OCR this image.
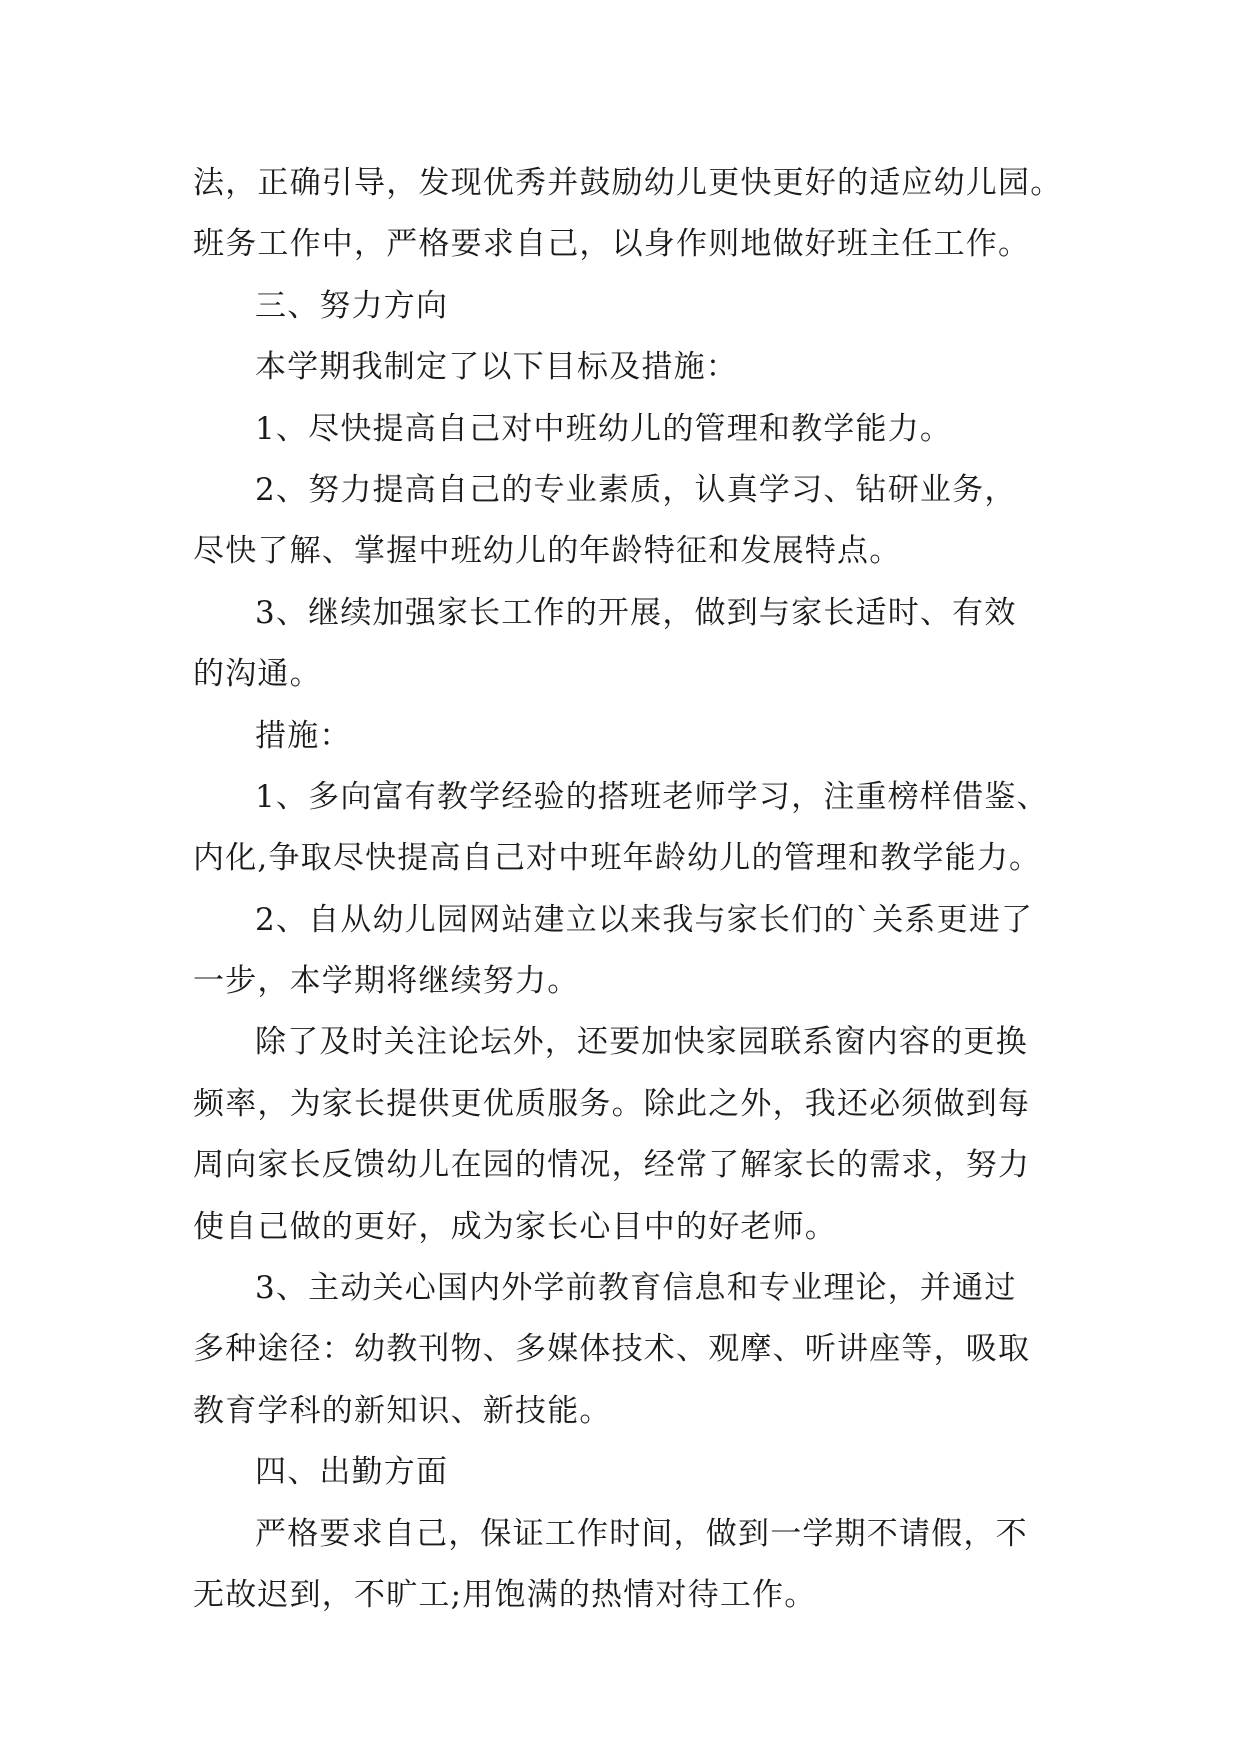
法，正确引导，发现优秀并鼓励幼儿更快更好的适应幼儿园。
班务工作中，严格要求自己，以身作则地做好班主任工作。
三、努力方向
本学期我制定了以下目标及措施：
1、尽快提高自己对中班幼儿的管理和教学能力。
2、努力提高自己的专业素质，认真学习、钻研业务，
尽快了解、掌握中班幼儿的年龄特征和发展特点。
3、继续加强家长工作的开展，做到与家长适时、有效
的沟通。
措施：
1、多向富有教学经验的搭班老师学习，注重榜样借鉴、
内化,争取尽快提高自己对中班年龄幼儿的管理和教学能力。
2、自从幼儿园网站建立以来我与家长们的`关系更进了
一步，本学期将继续努力。
除了及时关注论坛外，还要加快家园联系窗内容的更换
频率，为家长提供更优质服务。除此之外，我还必须做到每
周向家长反馈幼儿在园的情况，经常了解家长的需求，努力
使自己做的更好，成为家长心目中的好老师。
3、主动关心国内外学前教育信息和专业理论，并通过
多种途径：幼教刊物、多媒体技术、观摩、听讲座等，吸取
教育学科的新知识、新技能。
四、出勤方面
严格要求自己，保证工作时间，做到一学期不请假，不
无故迟到，不旷工;用饱满的热情对待工作。
